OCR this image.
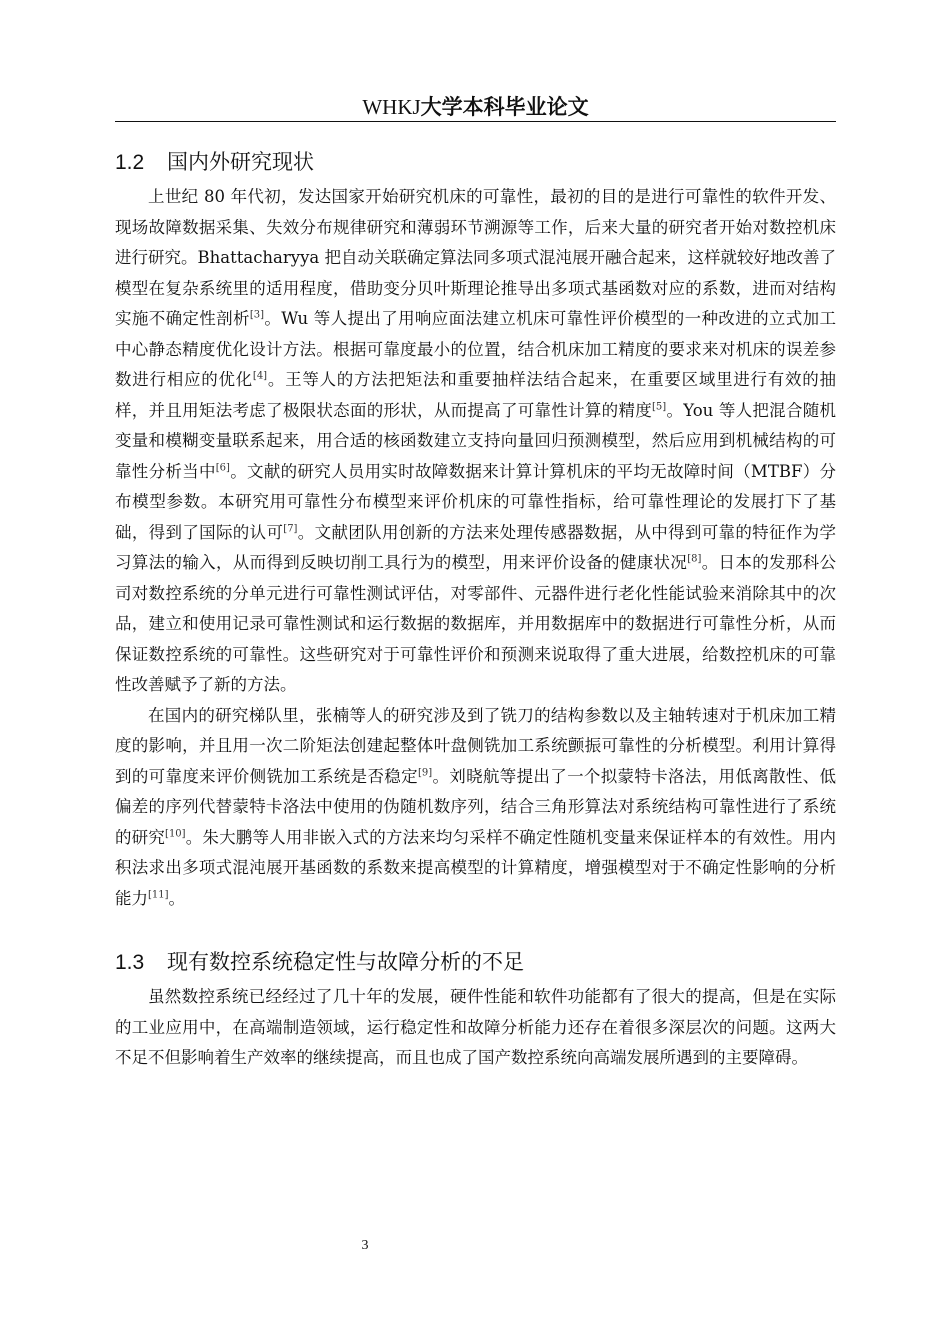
WHKJ大学本科毕业论文
1.2 国内外研究现状

上世纪 80 年代初，发达国家开始研究机床的可靠性，最初的目的是进行可靠性的软件开发、现场故障数据采集、失效分布规律研究和薄弱环节溯源等工作，后来大量的研究者开始对数控机床进行研究。Bhattacharyya 把自动关联确定算法同多项式混沌展开融合起来，这样就较好地改善了模型在复杂系统里的适用程度，借助变分贝叶斯理论推导出多项式基函数对应的系数，进而对结构实施不确定性剖析[3]。Wu 等人提出了用响应面法建立机床可靠性评价模型的一种改进的立式加工中心静态精度优化设计方法。根据可靠度最小的位置，结合机床加工精度的要求来对机床的误差参数进行相应的优化[4]。王等人的方法把矩法和重要抽样法结合起来，在重要区域里进行有效的抽样，并且用矩法考虑了极限状态面的形状，从而提高了可靠性计算的精度[5]。You 等人把混合随机变量和模糊变量联系起来，用合适的核函数建立支持向量回归预测模型，然后应用到机械结构的可靠性分析当中[6]。文献的研究人员用实时故障数据来计算计算机床的平均无故障时间（MTBF）分布模型参数。本研究用可靠性分布模型来评价机床的可靠性指标，给可靠性理论的发展打下了基础，得到了国际的认可[7]。文献团队用创新的方法来处理传感器数据，从中得到可靠的特征作为学习算法的输入，从而得到反映切削工具行为的模型，用来评价设备的健康状况[8]。日本的发那科公司对数控系统的分单元进行可靠性测试评估，对零部件、元器件进行老化性能试验来消除其中的次品，建立和使用记录可靠性测试和运行数据的数据库，并用数据库中的数据进行可靠性分析，从而保证数控系统的可靠性。这些研究对于可靠性评价和预测来说取得了重大进展，给数控机床的可靠性改善赋予了新的方法。

在国内的研究梯队里，张楠等人的研究涉及到了铣刀的结构参数以及主轴转速对于机床加工精度的影响，并且用一次二阶矩法创建起整体叶盘侧铣加工系统颤振可靠性的分析模型。利用计算得到的可靠度来评价侧铣加工系统是否稳定[9]。刘晓航等提出了一个拟蒙特卡洛法，用低离散性、低偏差的序列代替蒙特卡洛法中使用的伪随机数序列，结合三角形算法对系统结构可靠性进行了系统的研究[10]。朱大鹏等人用非嵌入式的方法来均匀采样不确定性随机变量来保证样本的有效性。用内积法求出多项式混沌展开基函数的系数来提高模型的计算精度，增强模型对于不确定性影响的分析能力[11]。

1.3 现有数控系统稳定性与故障分析的不足

虽然数控系统已经经过了几十年的发展，硬件性能和软件功能都有了很大的提高，但是在实际的工业应用中，在高端制造领域，运行稳定性和故障分析能力还存在着很多深层次的问题。这两大不足不但影响着生产效率的继续提高，而且也成了国产数控系统向高端发展所遇到的主要障碍。

3
